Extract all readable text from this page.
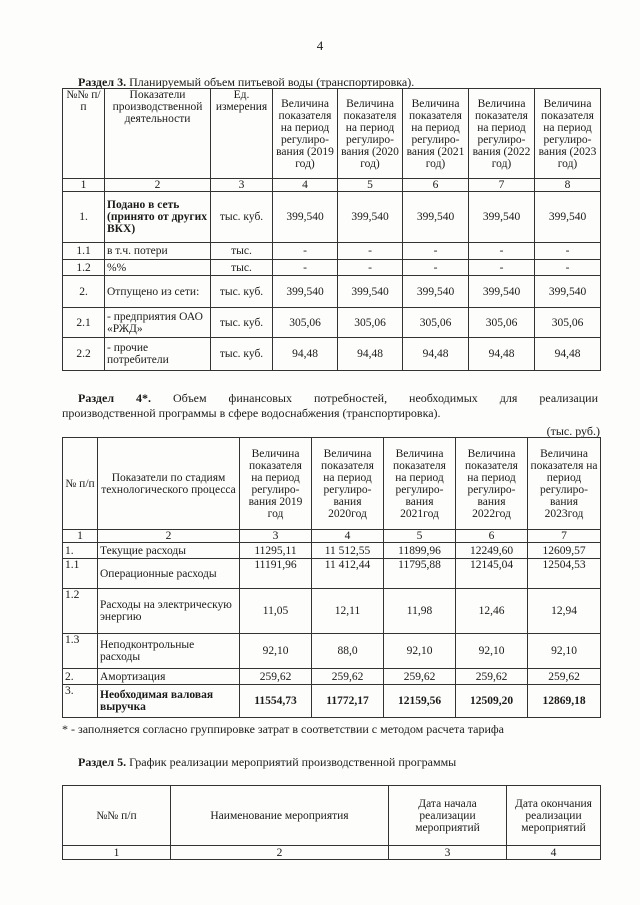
4
Раздел 3. Планируемый объем питьевой воды (транспортировка).
№№ п/п	Показатели производственной деятельности	Ед. измерения	Величина показателя на период регулиро-вания (2019 год)	Величина показателя на период регулиро-вания (2020 год)	Величина показателя на период регулиро-вания (2021 год)	Величина показателя на период регулиро-вания (2022 год)	Величина показателя на период регулиро-вания (2023 год)
1	2	3	4	5	6	7	8
1.	Подано в сеть (принято от других ВКХ)	тыс. куб.	399,540	399,540	399,540	399,540	399,540
1.1	в т.ч. потери	тыс.	-	-	-	-	-
1.2	%%	тыс.	-	-	-	-	-
2.	Отпущено из сети:	тыс. куб.	399,540	399,540	399,540	399,540	399,540
2.1	- предприятия ОАО «РЖД»	тыс. куб.	305,06	305,06	305,06	305,06	305,06
2.2	- прочие потребители	тыс. куб.	94,48	94,48	94,48	94,48	94,48
Раздел 4*. Объем финансовых потребностей, необходимых для реализации
производственной программы в сфере водоснабжения (транспортировка).
(тыс. руб.)
№ п/п	Показатели по стадиям технологического процесса	Величина показателя на период регулиро-вания 2019 год	Величина показателя на период регулиро-вания 2020год	Величина показателя на период регулиро-вания 2021год	Величина показателя на период регулиро-вания 2022год	Величина показателя на период регулиро-вания 2023год
1	2	3	4	5	6	7
1.	Текущие расходы	11295,11	11 512,55	11899,96	12249,60	12609,57
1.1	Операционные расходы	11191,96	11 412,44	11795,88	12145,04	12504,53
1.2	Расходы на электрическую энергию	11,05	12,11	11,98	12,46	12,94
1.3	Неподконтрольные расходы	92,10	88,0	92,10	92,10	92,10
2.	Амортизация	259,62	259,62	259,62	259,62	259,62
3.	Необходимая валовая выручка	11554,73	11772,17	12159,56	12509,20	12869,18
* - заполняется согласно группировке затрат в соответствии с методом расчета тарифа
Раздел 5. График реализации мероприятий производственной программы
№№ п/п	Наименование мероприятия	Дата начала реализации мероприятий	Дата окончания реализации мероприятий
1	2	3	4
